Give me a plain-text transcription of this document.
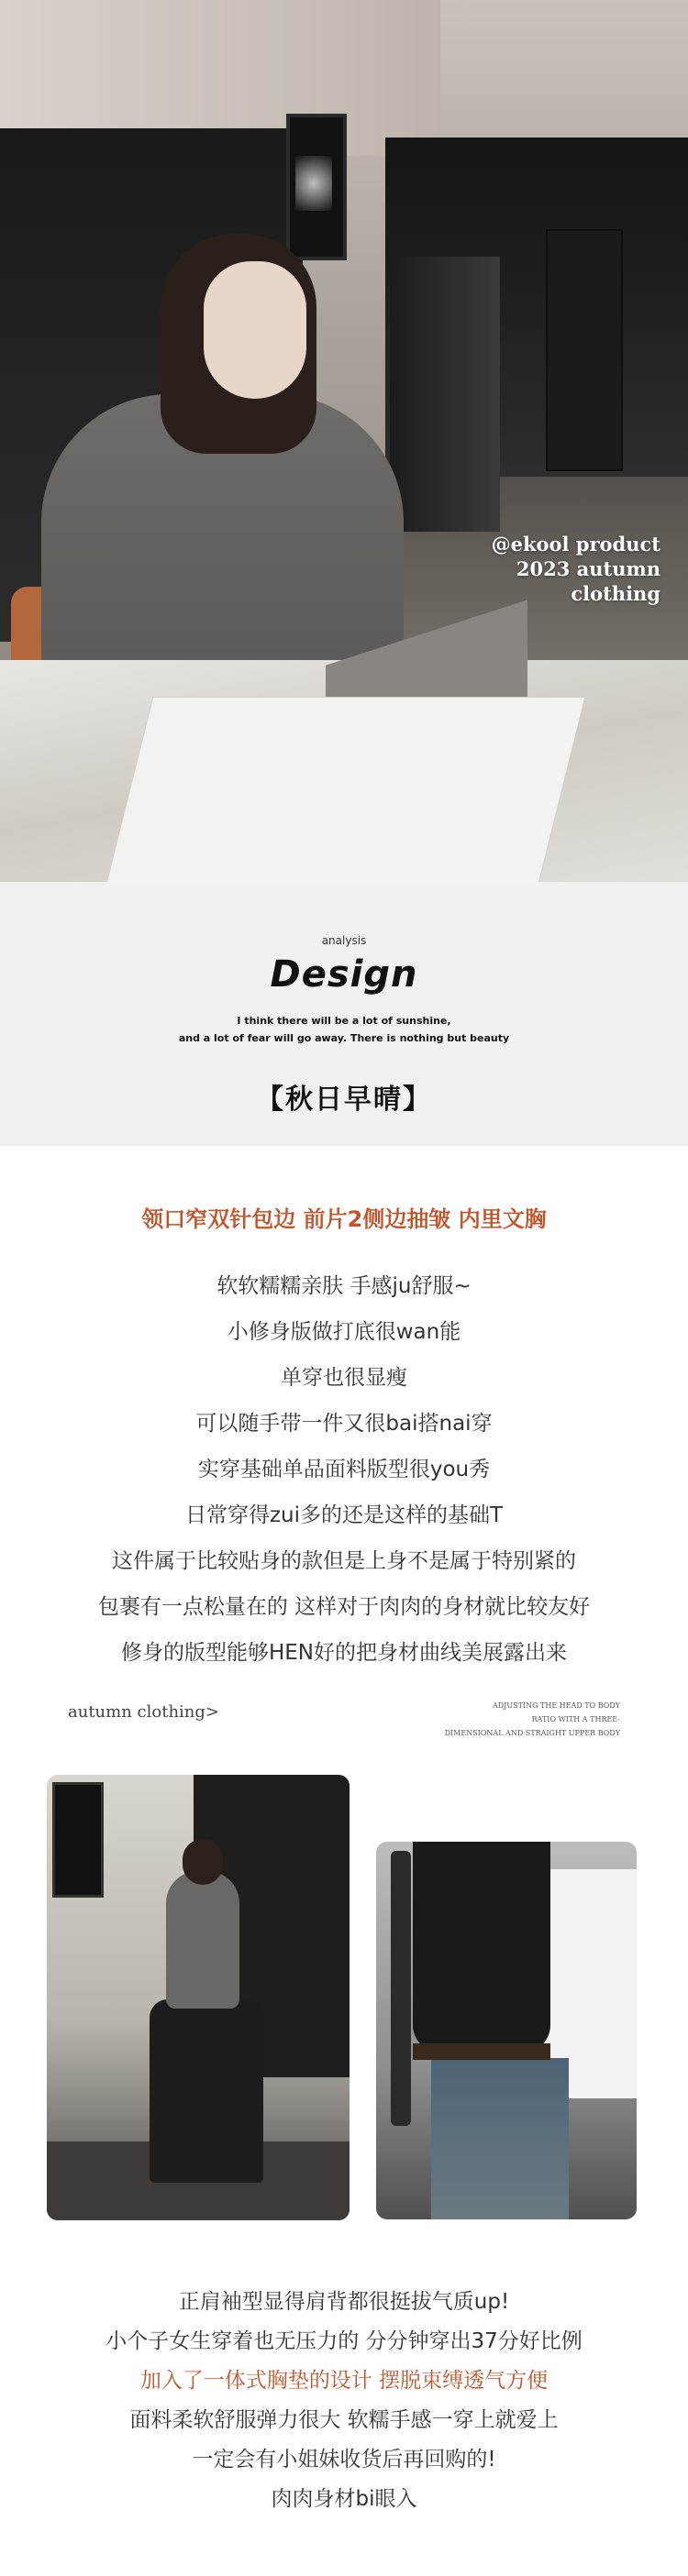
@ekool product
2023 autumn clothing
analysis
Design
I think there will be a lot of sunshine,
and a lot of fear will go away. There is nothing but beauty
【秋日早晴】
领口窄双针包边 前片2侧边抽皱 内里文胸
软软糯糯亲肤 手感ju舒服~
小修身版做打底很wan能
单穿也很显瘦
可以随手带一件又很bai搭nai穿
实穿基础单品面料版型很you秀
日常穿得zui多的还是这样的基础T
这件属于比较贴身的款但是上身不是属于特别紧的
包裹有一点松量在的 这样对于肉肉的身材就比较友好
修身的版型能够HEN好的把身材曲线美展露出来
autumn clothing>	ADJUSTING THE HEAD TO BODY
RATIO WITH A THREE-
DIMENSIONAL AND STRAIGHT UPPER BODY
正肩袖型显得肩背都很挺拔气质up!
小个子女生穿着也无压力的 分分钟穿出37分好比例
加入了一体式胸垫的设计 摆脱束缚透气方便
面料柔软舒服弹力很大 软糯手感一穿上就爱上
一定会有小姐妹收货后再回购的!
肉肉身材bi眼入
